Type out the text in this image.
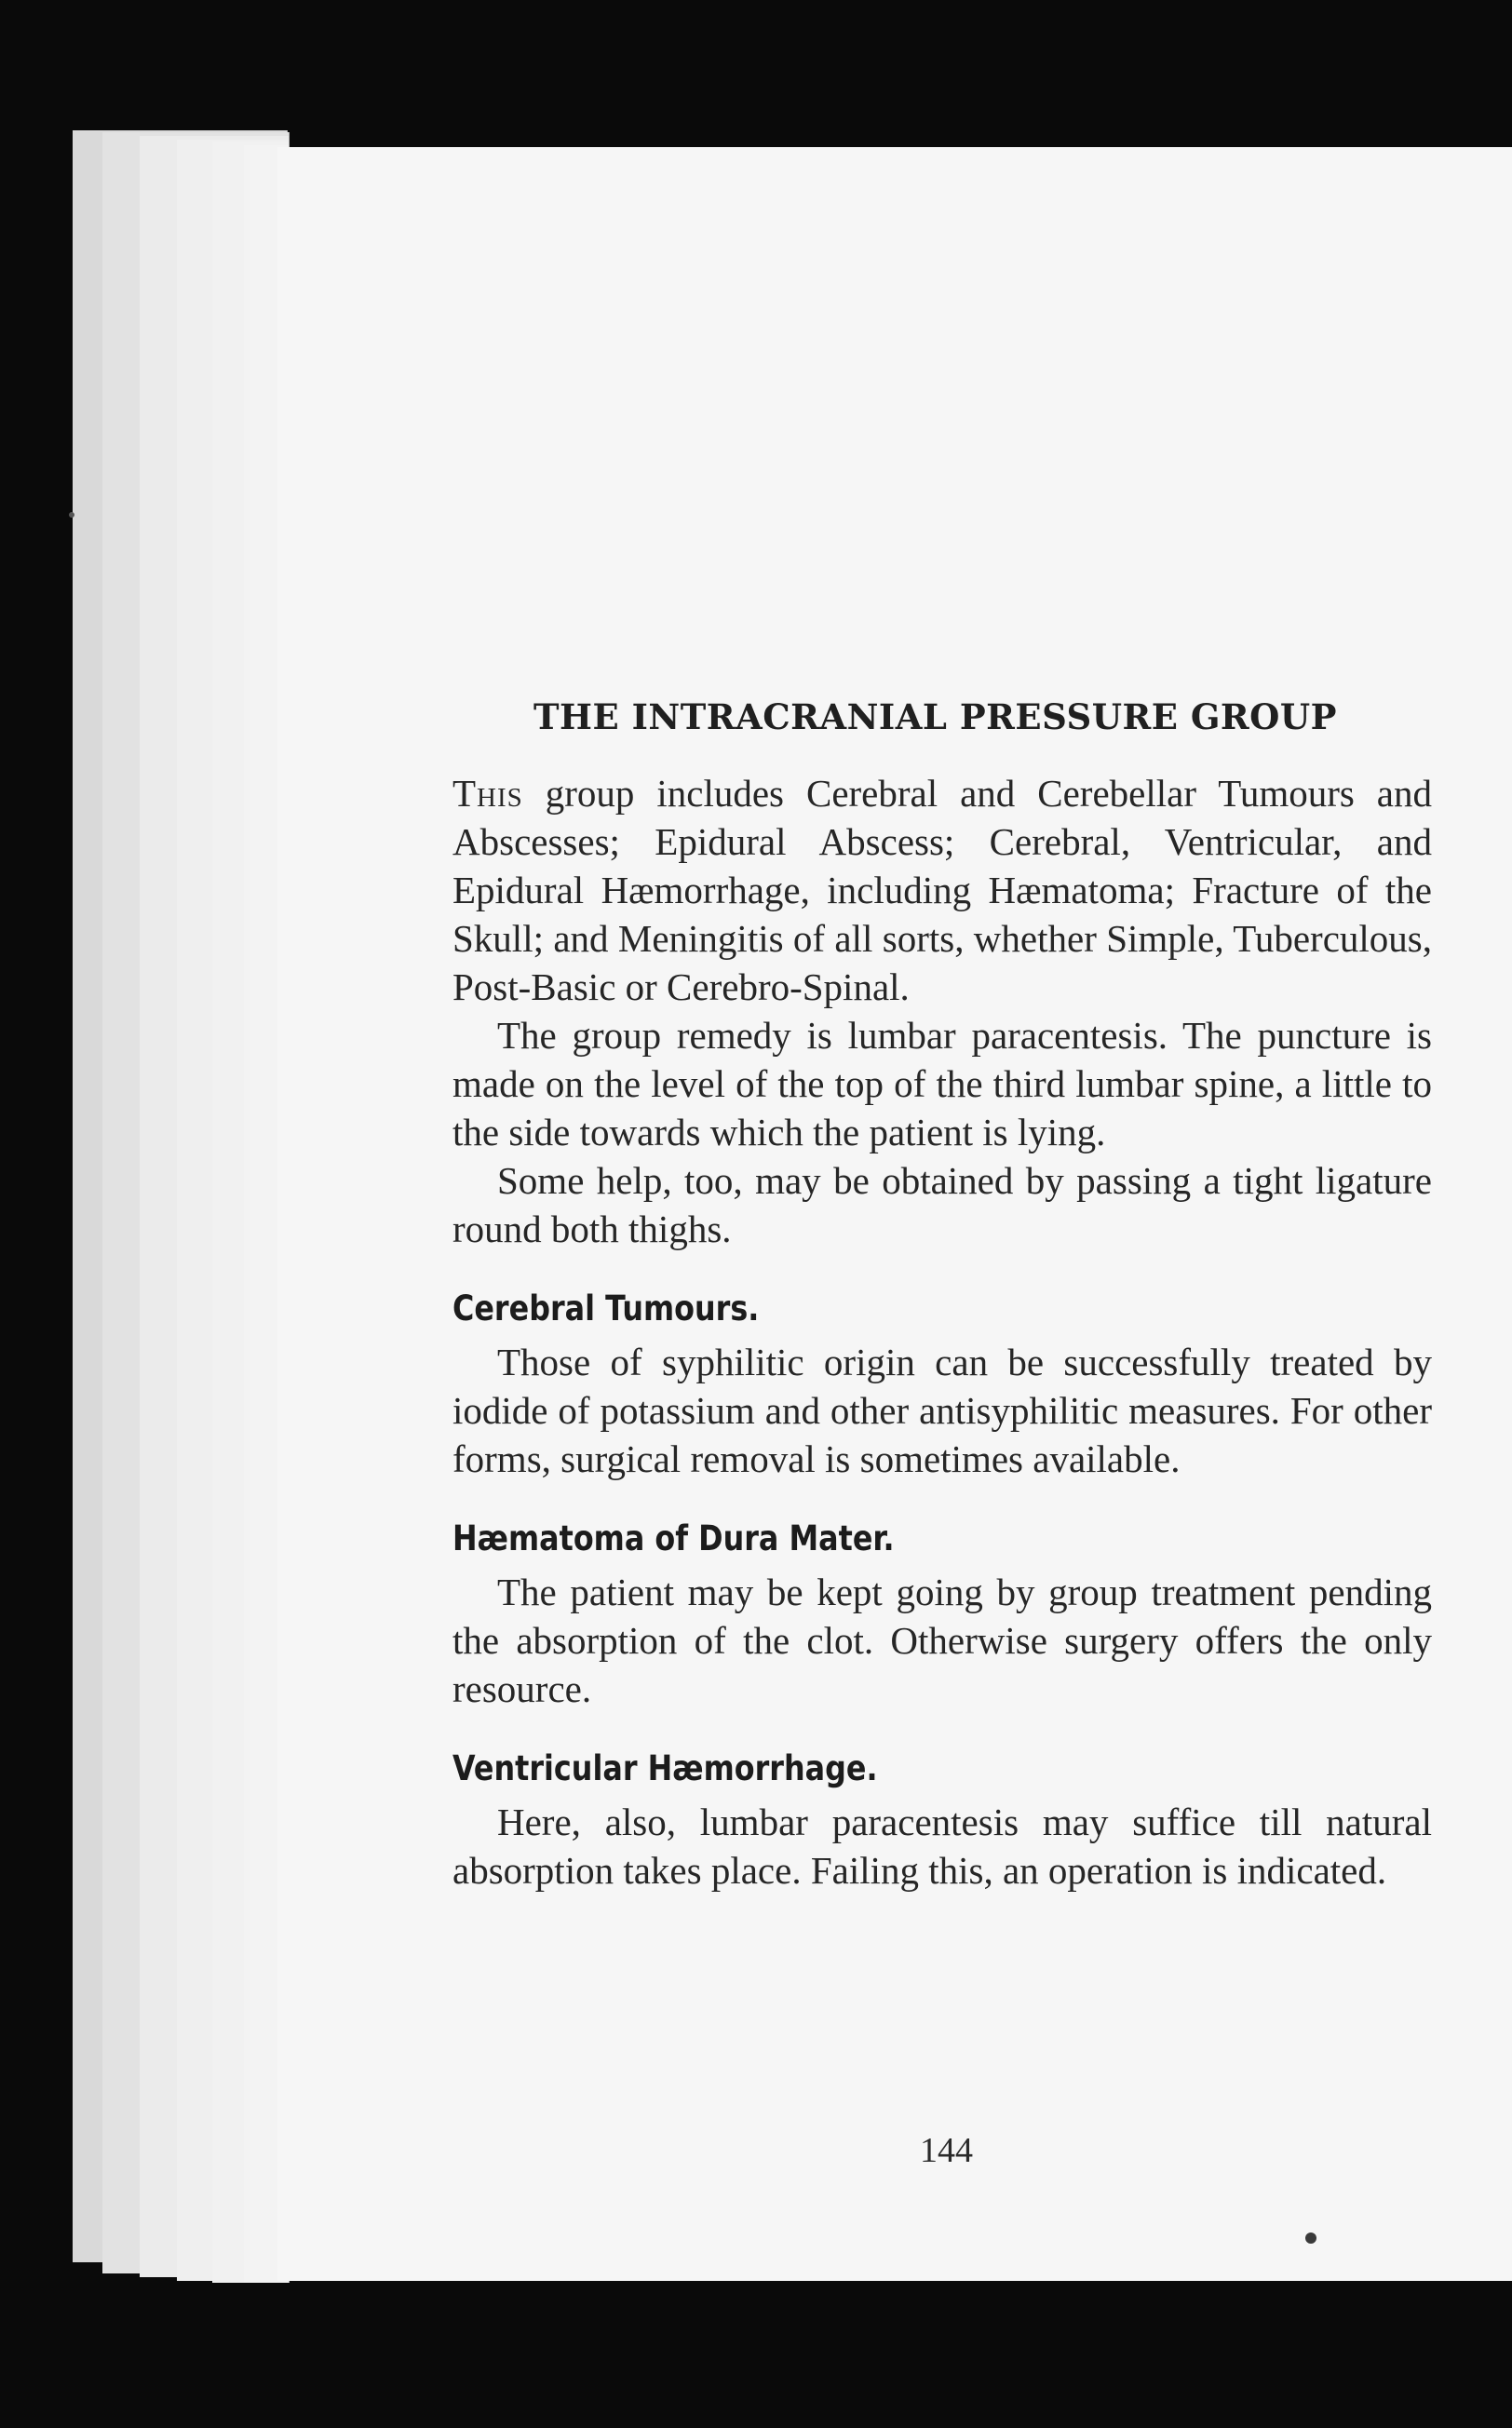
THE INTRACRANIAL PRESSURE GROUP

This group includes Cerebral and Cerebellar Tumours and Abscesses; Epidural Abscess; Cerebral, Ventricular, and Epidural Hæmorrhage, including Hæmatoma; Fracture of the Skull; and Meningitis of all sorts, whether Simple, Tuberculous, Post-Basic or Cerebro-Spinal.

The group remedy is lumbar paracentesis. The puncture is made on the level of the top of the third lumbar spine, a little to the side towards which the patient is lying.

Some help, too, may be obtained by passing a tight ligature round both thighs.

Cerebral Tumours.

Those of syphilitic origin can be successfully treated by iodide of potassium and other antisyphilitic measures. For other forms, surgical removal is sometimes available.

Hæmatoma of Dura Mater.

The patient may be kept going by group treatment pending the absorption of the clot. Otherwise surgery offers the only resource.

Ventricular Hæmorrhage.

Here, also, lumbar paracentesis may suffice till natural absorption takes place. Failing this, an operation is indicated.

144
